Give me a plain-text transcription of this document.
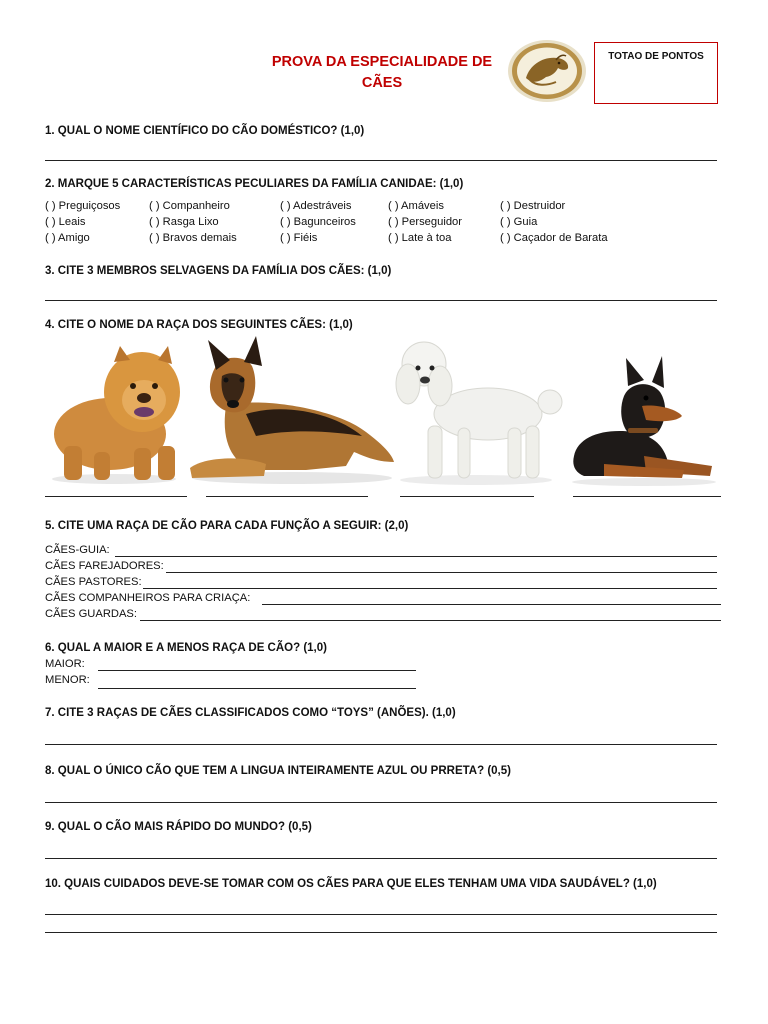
PROVA DA ESPECIALIDADE DE
CÃES
TOTAO DE PONTOS
1. QUAL O NOME CIENTÍFICO DO CÃO DOMÉSTICO? (1,0)
2. MARQUE 5 CARACTERÍSTICAS PECULIARES DA FAMÍLIA CANIDAE: (1,0)
( ) Preguiçosos	( ) Companheiro	( ) Adestráveis	( ) Amáveis	( ) Destruidor
( ) Leais	( ) Rasga Lixo	( ) Bagunceiros	( ) Perseguidor	( ) Guia
( ) Amigo	( ) Bravos demais	( ) Fiéis	( ) Late à toa	( ) Caçador de Barata
3. CITE 3 MEMBROS SELVAGENS DA FAMÍLIA DOS CÃES: (1,0)
4. CITE O NOME DA RAÇA DOS SEGUINTES CÃES: (1,0)
5. CITE UMA RAÇA DE CÃO PARA CADA FUNÇÃO A SEGUIR: (2,0)
CÃES-GUIA:
CÃES FAREJADORES:
CÃES PASTORES:
CÃES COMPANHEIROS PARA CRIAÇA:
CÃES GUARDAS:
6. QUAL A MAIOR E A MENOS RAÇA DE CÃO? (1,0)
MAIOR:
MENOR:
7. CITE 3 RAÇAS DE CÃES CLASSIFICADOS COMO “TOYS” (ANÕES). (1,0)
8. QUAL O ÚNICO CÃO QUE TEM A LINGUA INTEIRAMENTE AZUL OU PRRETA? (0,5)
9. QUAL O CÃO MAIS RÁPIDO DO MUNDO? (0,5)
10. QUAIS CUIDADOS DEVE-SE TOMAR COM OS CÃES PARA QUE ELES TENHAM UMA VIDA SAUDÁVEL? (1,0)
